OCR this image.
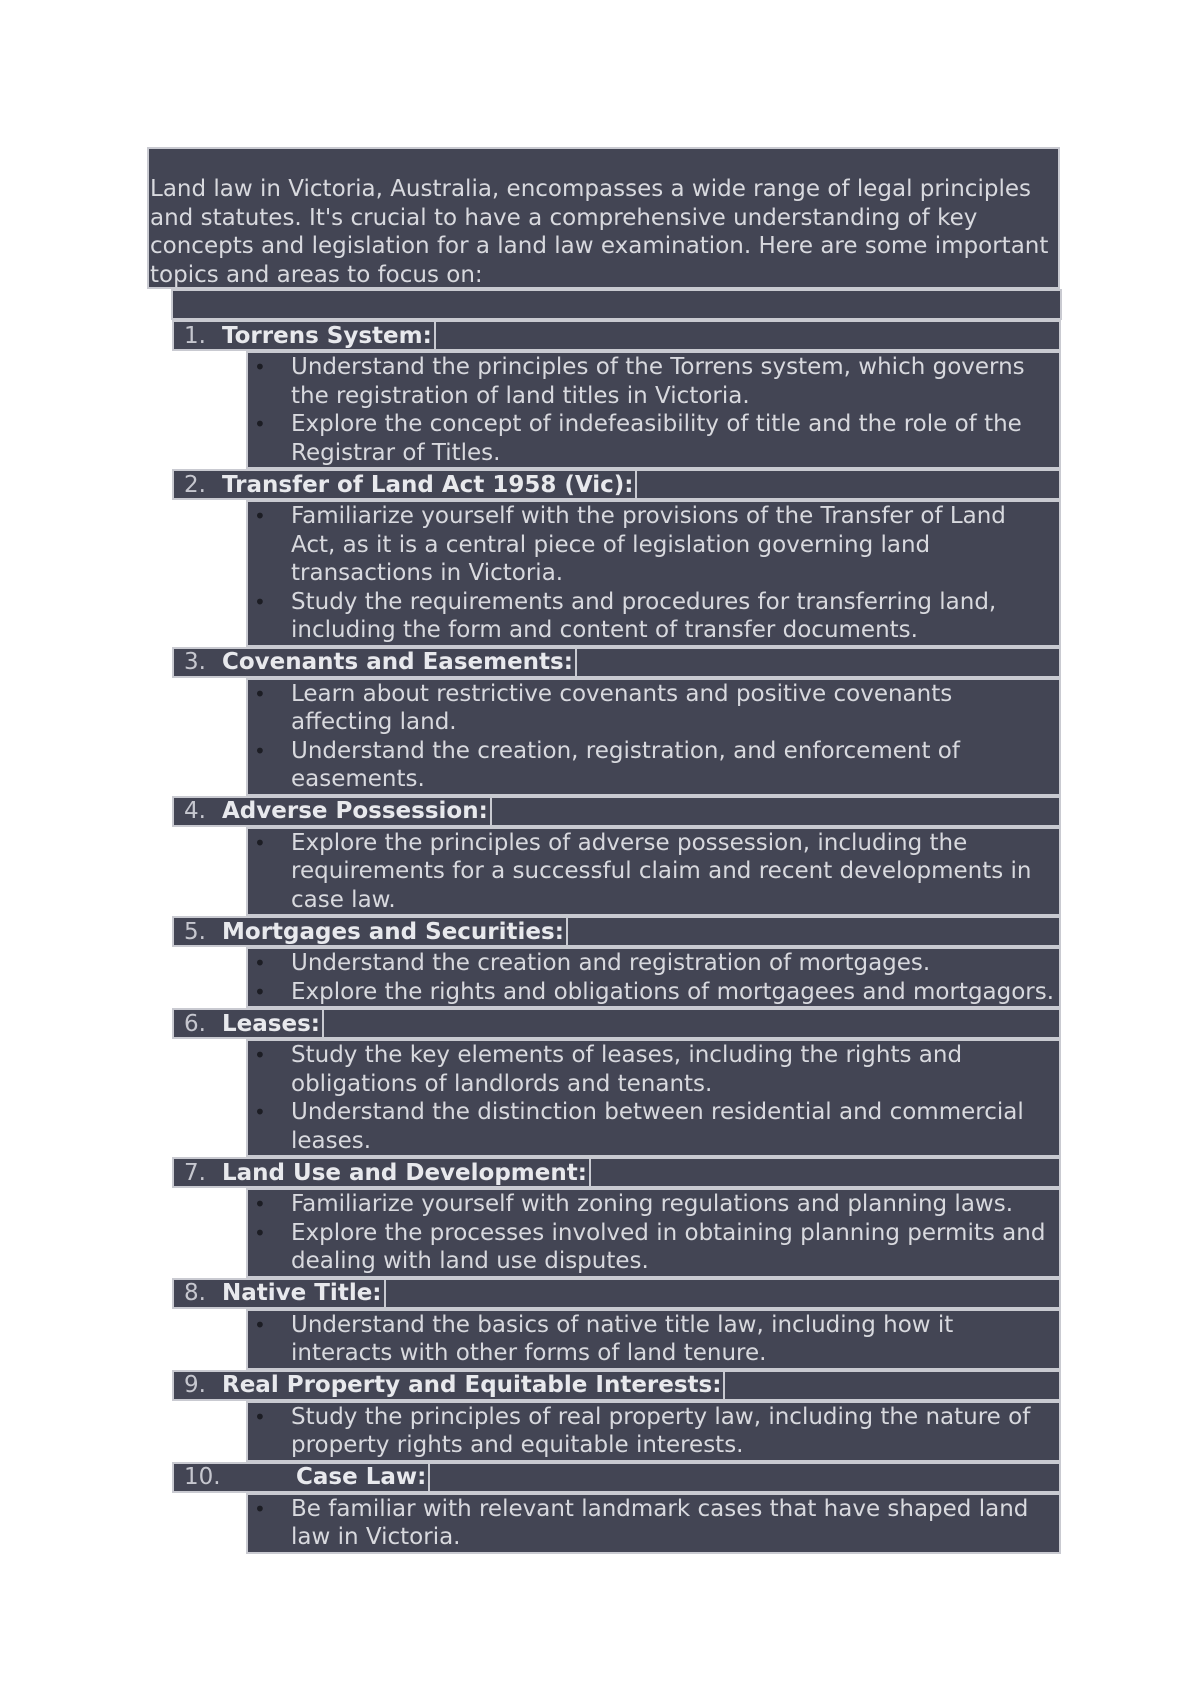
Land law in Victoria, Australia, encompasses a wide range of legal principles and statutes. It's crucial to have a comprehensive understanding of key concepts and legislation for a land law examination. Here are some important topics and areas to focus on:
1. Torrens System:
• Understand the principles of the Torrens system, which governs the registration of land titles in Victoria.
• Explore the concept of indefeasibility of title and the role of the Registrar of Titles.
2. Transfer of Land Act 1958 (Vic):
• Familiarize yourself with the provisions of the Transfer of Land Act, as it is a central piece of legislation governing land transactions in Victoria.
• Study the requirements and procedures for transferring land, including the form and content of transfer documents.
3. Covenants and Easements:
• Learn about restrictive covenants and positive covenants affecting land.
• Understand the creation, registration, and enforcement of easements.
4. Adverse Possession:
• Explore the principles of adverse possession, including the requirements for a successful claim and recent developments in case law.
5. Mortgages and Securities:
• Understand the creation and registration of mortgages.
• Explore the rights and obligations of mortgagees and mortgagors.
6. Leases:
• Study the key elements of leases, including the rights and obligations of landlords and tenants.
• Understand the distinction between residential and commercial leases.
7. Land Use and Development:
• Familiarize yourself with zoning regulations and planning laws.
• Explore the processes involved in obtaining planning permits and dealing with land use disputes.
8. Native Title:
• Understand the basics of native title law, including how it interacts with other forms of land tenure.
9. Real Property and Equitable Interests:
• Study the principles of real property law, including the nature of property rights and equitable interests.
10.	Case Law:
• Be familiar with relevant landmark cases that have shaped land law in Victoria.
